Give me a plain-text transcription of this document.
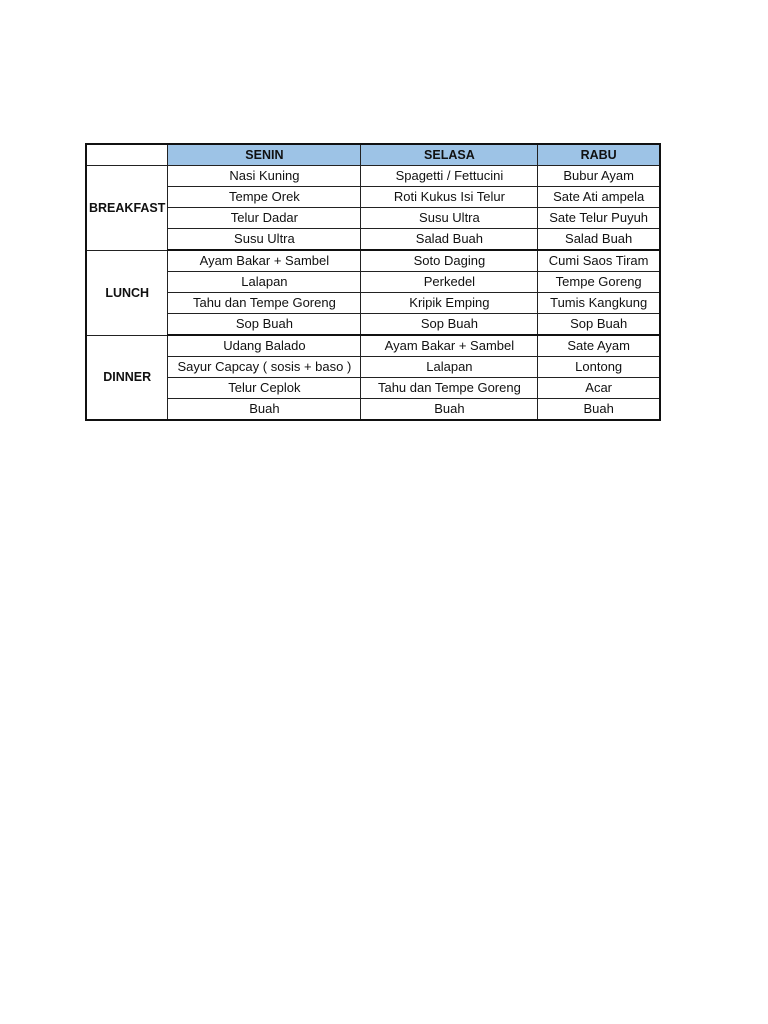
	SENIN	SELASA	RABU
BREAKFAST	Nasi Kuning	Spagetti / Fettucini	Bubur Ayam
	Tempe Orek	Roti Kukus Isi Telur	Sate Ati ampela
	Telur Dadar	Susu Ultra	Sate Telur Puyuh
	Susu Ultra	Salad Buah	Salad Buah
LUNCH	Ayam Bakar + Sambel	Soto Daging	Cumi Saos Tiram
	Lalapan	Perkedel	Tempe Goreng
	Tahu dan Tempe Goreng	Kripik Emping	Tumis Kangkung
	Sop Buah	Sop Buah	Sop Buah
DINNER	Udang Balado	Ayam Bakar + Sambel	Sate Ayam
	Sayur Capcay ( sosis + baso )	Lalapan	Lontong
	Telur Ceplok	Tahu dan Tempe Goreng	Acar
	Buah	Buah	Buah
